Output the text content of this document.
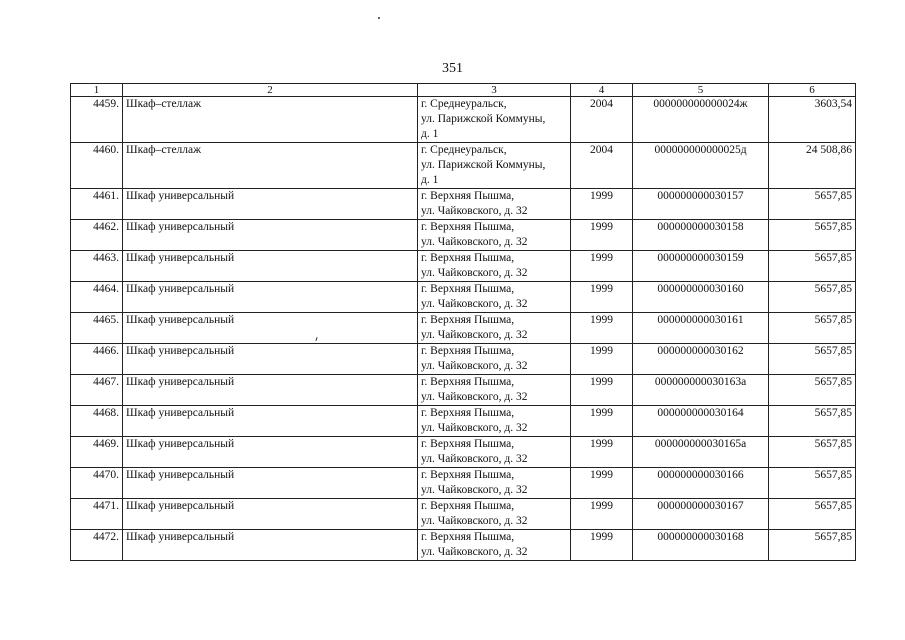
351
1	2	3	4	5	6
4459.	Шкаф–стеллаж	г. Среднеуральск,
ул. Парижской Коммуны,
д. 1	2004	000000000000024ж	3603,54
4460.	Шкаф–стеллаж	г. Среднеуральск,
ул. Парижской Коммуны,
д. 1	2004	000000000000025д	24 508,86
4461.	Шкаф универсальный	г. Верхняя Пышма,
ул. Чайковского, д. 32	1999	000000000030157	5657,85
4462.	Шкаф универсальный	г. Верхняя Пышма,
ул. Чайковского, д. 32	1999	000000000030158	5657,85
4463.	Шкаф универсальный	г. Верхняя Пышма,
ул. Чайковского, д. 32	1999	000000000030159	5657,85
4464.	Шкаф универсальный	г. Верхняя Пышма,
ул. Чайковского, д. 32	1999	000000000030160	5657,85
4465.	Шкаф универсальный	г. Верхняя Пышма,
ул. Чайковского, д. 32	1999	000000000030161	5657,85
4466.	Шкаф универсальный	г. Верхняя Пышма,
ул. Чайковского, д. 32	1999	000000000030162	5657,85
4467.	Шкаф универсальный	г. Верхняя Пышма,
ул. Чайковского, д. 32	1999	000000000030163а	5657,85
4468.	Шкаф универсальный	г. Верхняя Пышма,
ул. Чайковского, д. 32	1999	000000000030164	5657,85
4469.	Шкаф универсальный	г. Верхняя Пышма,
ул. Чайковского, д. 32	1999	000000000030165а	5657,85
4470.	Шкаф универсальный	г. Верхняя Пышма,
ул. Чайковского, д. 32	1999	000000000030166	5657,85
4471.	Шкаф универсальный	г. Верхняя Пышма,
ул. Чайковского, д. 32	1999	000000000030167	5657,85
4472.	Шкаф универсальный	г. Верхняя Пышма,
ул. Чайковского, д. 32	1999	000000000030168	5657,85
